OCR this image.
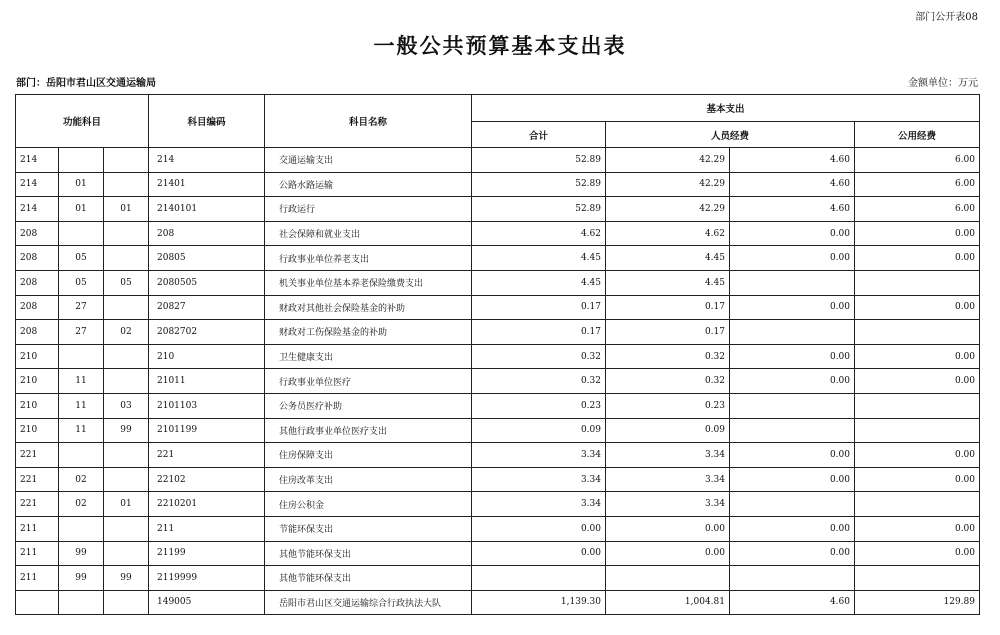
部门公开表08
一般公共预算基本支出表
部门：岳阳市君山区交通运输局	金额单位：万元
功能科目			科目编码	科目名称	基本支出			
					合计	人员经费		公用经费
214			214	交通运输支出	52.89	42.29	4.60	6.00
214	01		21401	公路水路运输	52.89	42.29	4.60	6.00
214	01	01	2140101	行政运行	52.89	42.29	4.60	6.00
208			208	社会保障和就业支出	4.62	4.62	0.00	0.00
208	05		20805	行政事业单位养老支出	4.45	4.45	0.00	0.00
208	05	05	2080505	机关事业单位基本养老保险缴费支出	4.45	4.45		
208	27		20827	财政对其他社会保险基金的补助	0.17	0.17	0.00	0.00
208	27	02	2082702	财政对工伤保险基金的补助	0.17	0.17		
210			210	卫生健康支出	0.32	0.32	0.00	0.00
210	11		21011	行政事业单位医疗	0.32	0.32	0.00	0.00
210	11	03	2101103	公务员医疗补助	0.23	0.23		
210	11	99	2101199	其他行政事业单位医疗支出	0.09	0.09		
221			221	住房保障支出	3.34	3.34	0.00	0.00
221	02		22102	住房改革支出	3.34	3.34	0.00	0.00
221	02	01	2210201	住房公积金	3.34	3.34		
211			211	节能环保支出	0.00	0.00	0.00	0.00
211	99		21199	其他节能环保支出	0.00	0.00	0.00	0.00
211	99	99	2119999	其他节能环保支出				
			149005	岳阳市君山区交通运输综合行政执法大队	1,139.30	1,004.81	4.60	129.89
